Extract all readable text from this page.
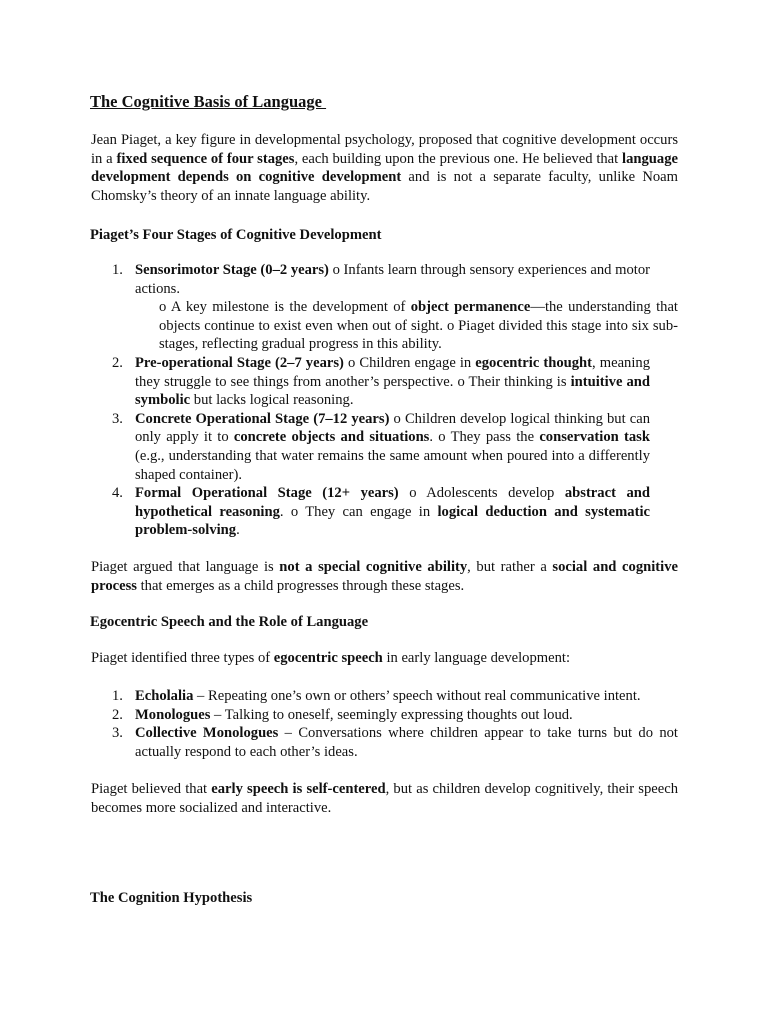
The Cognitive Basis of Language

Jean Piaget, a key figure in developmental psychology, proposed that cognitive development occurs in a fixed sequence of four stages, each building upon the previous one. He believed that language development depends on cognitive development and is not a separate faculty, unlike Noam Chomsky’s theory of an innate language ability.

Piaget’s Four Stages of Cognitive Development

1. Sensorimotor Stage (0–2 years) o Infants learn through sensory experiences and motor actions.
o A key milestone is the development of object permanence—the understanding that objects continue to exist even when out of sight. o Piaget divided this stage into six sub-stages, reflecting gradual progress in this ability.
2. Pre-operational Stage (2–7 years) o Children engage in egocentric thought, meaning they struggle to see things from another’s perspective. o Their thinking is intuitive and symbolic but lacks logical reasoning.
3. Concrete Operational Stage (7–12 years) o Children develop logical thinking but can only apply it to concrete objects and situations. o They pass the conservation task (e.g., understanding that water remains the same amount when poured into a differently shaped container).
4. Formal Operational Stage (12+ years) o Adolescents develop abstract and hypothetical reasoning. o They can engage in logical deduction and systematic problem-solving.

Piaget argued that language is not a special cognitive ability, but rather a social and cognitive process that emerges as a child progresses through these stages.

Egocentric Speech and the Role of Language

Piaget identified three types of egocentric speech in early language development:

1. Echolalia – Repeating one’s own or others’ speech without real communicative intent.
2. Monologues – Talking to oneself, seemingly expressing thoughts out loud.
3. Collective Monologues – Conversations where children appear to take turns but do not actually respond to each other’s ideas.

Piaget believed that early speech is self-centered, but as children develop cognitively, their speech becomes more socialized and interactive.

The Cognition Hypothesis
